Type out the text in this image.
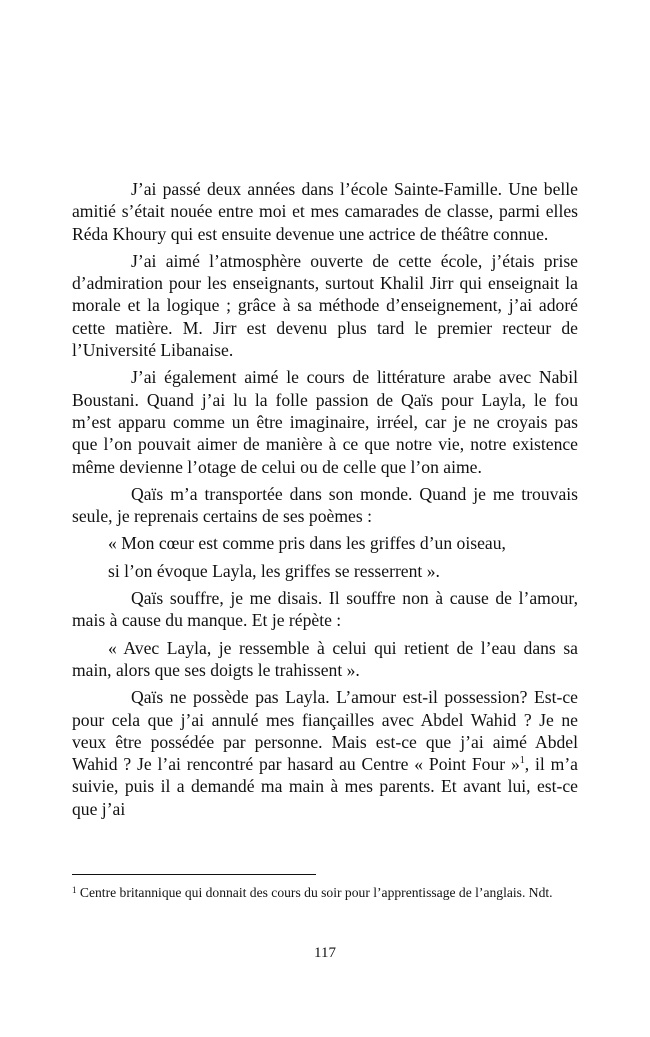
J’ai passé deux années dans l’école Sainte-Famille. Une belle amitié s’était nouée entre moi et mes camarades de classe, parmi elles Réda Khoury qui est ensuite devenue une actrice de théâtre connue.

J’ai aimé l’atmosphère ouverte de cette école, j’étais prise d’admiration pour les enseignants, surtout Khalil Jirr qui enseignait la morale et la logique ; grâce à sa méthode d’enseignement, j’ai adoré cette matière. M. Jirr est devenu plus tard le premier recteur de l’Université Libanaise.

J’ai également aimé le cours de littérature arabe avec Nabil Boustani. Quand j’ai lu la folle passion de Qaïs pour Layla, le fou m’est apparu comme un être imaginaire, irréel, car je ne croyais pas que l’on pouvait aimer de manière à ce que notre vie, notre existence même devienne l’otage de celui ou de celle que l’on aime.

Qaïs m’a transportée dans son monde. Quand je me trouvais seule, je reprenais certains de ses poèmes :

« Mon cœur est comme pris dans les griffes d’un oiseau,

si l’on évoque Layla, les griffes se resserrent ».

Qaïs souffre, je me disais. Il souffre non à cause de l’amour, mais à cause du manque. Et je répète :

« Avec Layla, je ressemble à celui qui retient de l’eau dans sa main, alors que ses doigts le trahissent ».

Qaïs ne possède pas Layla. L’amour est-il possession? Est-ce pour cela que j’ai annulé mes fiançailles avec Abdel Wahid ? Je ne veux être possédée par personne. Mais est-ce que j’ai aimé Abdel Wahid ? Je l’ai rencontré par hasard au Centre « Point Four »$^1$, il m’a suivie, puis il a demandé ma main à mes parents. Et avant lui, est-ce que j’ai

$^1$ Centre britannique qui donnait des cours du soir pour l’apprentissage de l’anglais. Ndt.
117
